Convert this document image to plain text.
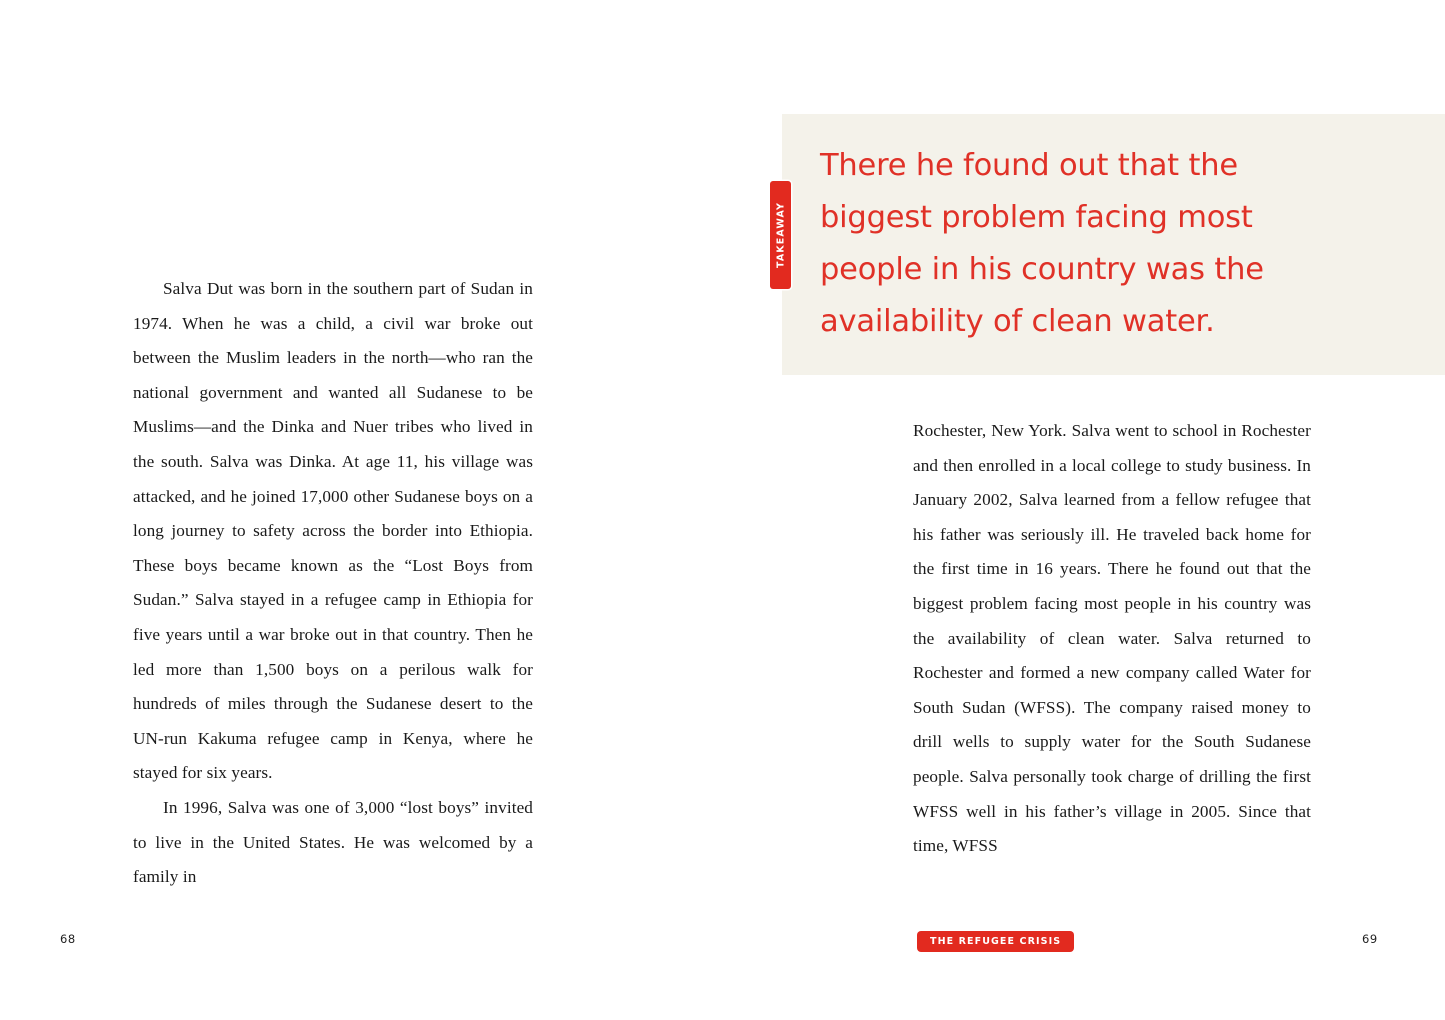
Salva Dut was born in the southern part of Sudan in 1974. When he was a child, a civil war broke out between the Muslim leaders in the north—who ran the national government and wanted all Sudanese to be Muslims—and the Dinka and Nuer tribes who lived in the south. Salva was Dinka. At age 11, his village was attacked, and he joined 17,000 other Sudanese boys on a long journey to safety across the border into Ethiopia. These boys became known as the “Lost Boys from Sudan.” Salva stayed in a refugee camp in Ethiopia for five years until a war broke out in that country. Then he led more than 1,500 boys on a perilous walk for hundreds of miles through the Sudanese desert to the UN-run Kakuma refugee camp in Kenya, where he stayed for six years.

In 1996, Salva was one of 3,000 “lost boys” invited to live in the United States. He was welcomed by a family in

There he found out that the biggest problem facing most people in his country was the availability of clean water.
TAKEAWAY

Rochester, New York. Salva went to school in Rochester and then enrolled in a local college to study business. In January 2002, Salva learned from a fellow refugee that his father was seriously ill. He traveled back home for the first time in 16 years. There he found out that the biggest problem facing most people in his country was the availability of clean water. Salva returned to Rochester and formed a new company called Water for South Sudan (WFSS). The company raised money to drill wells to supply water for the South Sudanese people. Salva personally took charge of drilling the first WFSS well in his father’s village in 2005. Since that time, WFSS

68	THE REFUGEE CRISIS	69
